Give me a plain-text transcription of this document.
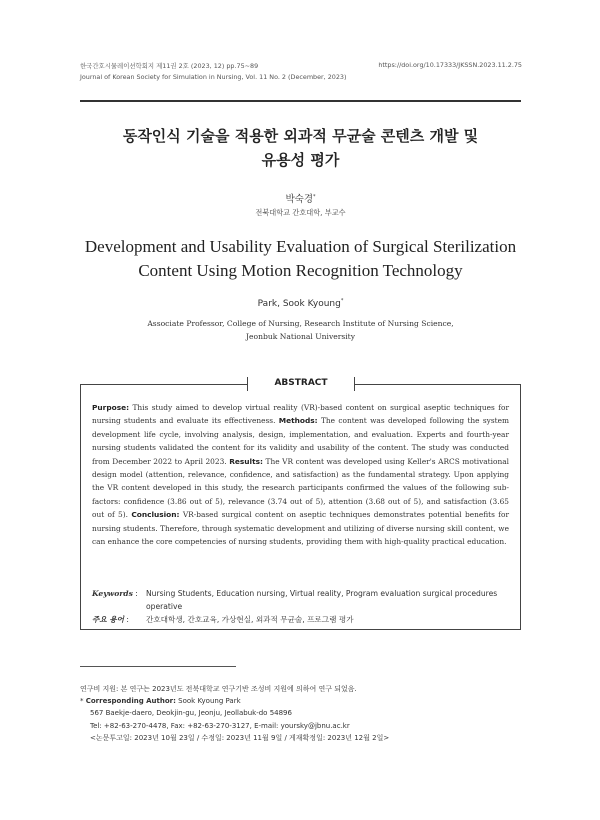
한국간호시뮬레이션학회지 제11권 2호 (2023, 12) pp.75~89
Journal of Korean Society for Simulation in Nursing, Vol. 11 No. 2 (December, 2023)
https://doi.org/10.17333/JKSSN.2023.11.2.75
동작인식 기술을 적용한 외과적 무균술 콘텐츠 개발 및
유용성 평가
박숙경*
전북대학교 간호대학, 부교수
Development and Usability Evaluation of Surgical Sterilization
Content Using Motion Recognition Technology
Park, Sook Kyoung*
Associate Professor, College of Nursing, Research Institute of Nursing Science,
Jeonbuk National University
ABSTRACT
Purpose: This study aimed to develop virtual reality (VR)-based content on surgical aseptic techniques for nursing students and evaluate its effectiveness. Methods: The content was developed following the system development life cycle, involving analysis, design, implementation, and evaluation. Experts and fourth-year nursing students validated the content for its validity and usability of the content. The study was conducted from December 2022 to April 2023. Results: The VR content was developed using Keller's ARCS motivational design model (attention, relevance, confidence, and satisfaction) as the fundamental strategy. Upon applying the VR content developed in this study, the research participants confirmed the values of the following sub-factors: confidence (3.86 out of 5), relevance (3.74 out of 5), attention (3.68 out of 5), and satisfaction (3.65 out of 5). Conclusion: VR-based surgical content on aseptic techniques demonstrates potential benefits for nursing students. Therefore, through systematic development and utilizing of diverse nursing skill content, we can enhance the core competencies of nursing students, providing them with high-quality practical education.
Keywords :	Nursing Students, Education nursing, Virtual reality, Program evaluation surgical procedures operative
주요 용어 :	간호대학생, 간호교육, 가상현실, 외과적 무균술, 프로그램 평가
연구비 지원: 본 연구는 2023년도 전북대학교 연구기반 조성비 지원에 의하여 연구 되었음.
* Corresponding Author: Sook Kyoung Park
567 Baekje-daero, Deokjin-gu, Jeonju, Jeollabuk-do 54896
Tel: +82-63-270-4478, Fax: +82-63-270-3127, E-mail: yoursky@jbnu.ac.kr
<논문투고일: 2023년 10월 23일 / 수정일: 2023년 11월 9일 / 게재확정일: 2023년 12월 2일>
